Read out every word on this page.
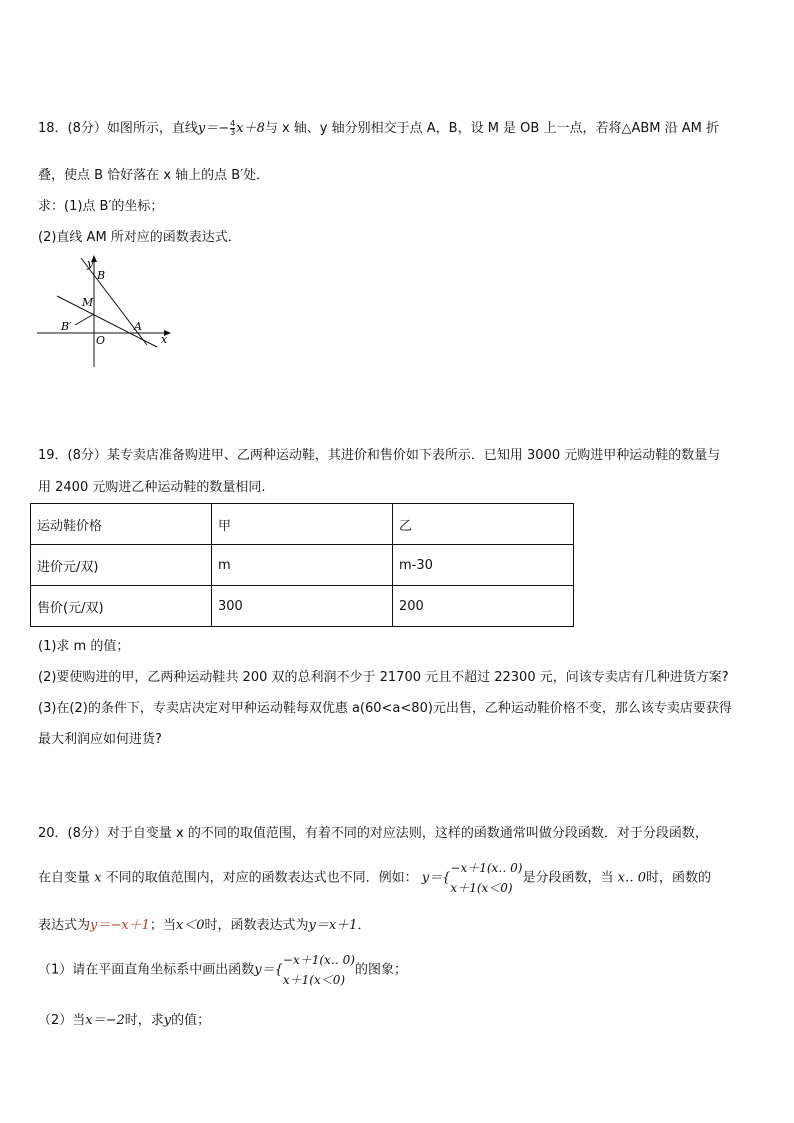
18．(8分）如图所示，直线$y=- \frac{4}{3} x+8$与 x 轴、y 轴分别相交于点 A，B，设 M 是 OB 上一点，若将△ABM 沿 AM 折
叠，使点 B 恰好落在 x 轴上的点 B′处．
求：(1)点 B′的坐标；
(2)直线 AM 所对应的函数表达式．
y
B
M
B′	A
O	x
19．(8分）某专卖店准备购进甲、乙两种运动鞋，其进价和售价如下表所示．已知用 3000 元购进甲种运动鞋的数量与
用 2400 元购进乙种运动鞋的数量相同.
运动鞋价格	甲	乙
进价元/双)	m	m-30
售价(元/双)	300	200
(1)求 m 的值；
(2)要使购进的甲，乙两种运动鞋共 200 双的总利润不少于 21700 元且不超过 22300 元，问该专卖店有几种进货方案?
(3)在(2)的条件下，专卖店决定对甲种运动鞋每双优惠 a(60<a<80)元出售，乙种运动鞋价格不变，那么该专卖店要获得
最大利润应如何进货?
20．(8分）对于自变量 x 的不同的取值范围，有着不同的对应法则，这样的函数通常叫做分段函数．对于分段函数，
在自变量 x 不同的取值范围内，对应的函数表达式也不同．例如： y＝{
−x＋1(x‥ 0)
x＋1(x＜0)
是分段函数，当 x‥ 0时，函数的
表达式为y＝−x＋1；当x＜0时，函数表达式为y＝x＋1．
（1）请在平面直角坐标系中画出函数y＝{
−x＋1(x‥ 0)
x＋1(x＜0)
的图象；
（2）当x＝−2时，求y的值；
